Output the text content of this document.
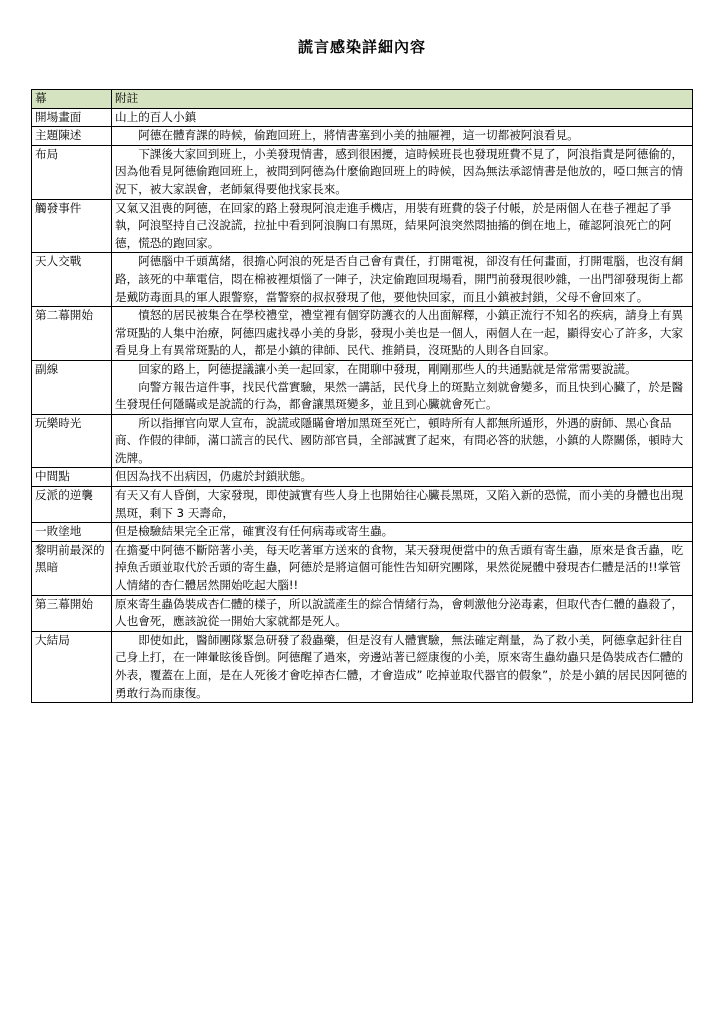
謊言感染詳細內容
幕	附註
開場畫面	山上的百人小鎮

主題陳述	阿德在體育課的時候，偷跑回班上，將情書塞到小美的抽屜裡，這一切都被阿浪看見。

布局	下課後大家回到班上，小美發現情書，感到很困擾，這時候班長也發現班費不見了，阿浪指責是阿德偷的，因為他看見阿德偷跑回班上，被問到阿德為什麼偷跑回班上的時候，因為無法承認情書是他放的，啞口無言的情況下，被大家誤會，老師氣得要他找家長來。

觸發事件	又氣又沮喪的阿德，在回家的路上發現阿浪走進手機店，用裝有班費的袋子付帳，於是兩個人在巷子裡起了爭執，阿浪堅持自己沒說謊，拉扯中看到阿浪胸口有黑斑，結果阿浪突然悶抽搐的倒在地上，確認阿浪死亡的阿德，慌恐的跑回家。

天人交戰	阿德腦中千頭萬緒，很擔心阿浪的死是否自己會有責任，打開電視，卻沒有任何畫面，打開電腦，也沒有網路，該死的中華電信，悶在棉被裡煩惱了一陣子，決定偷跑回現場看，開門前發現很吵雜，一出門卻發現街上都是戴防毒面具的軍人跟警察，當警察的叔叔發現了他，要他快回家，而且小鎮被封鎖，父母不會回來了。

第二幕開始	憤怒的居民被集合在學校禮堂，禮堂裡有個穿防護衣的人出面解釋，小鎮正流行不知名的疾病，請身上有異常斑點的人集中治療，阿德四處找尋小美的身影，發現小美也是一個人，兩個人在一起，顯得安心了許多，大家看見身上有異常斑點的人，都是小鎮的律師、民代、推銷員，沒斑點的人則各自回家。

副線	回家的路上，阿德提議讓小美一起回家，在閒聊中發現，剛剛那些人的共通點就是常常需要說謊。
向警方報告這件事，找民代當實驗，果然一講話，民代身上的斑點立刻就會變多，而且快到心臟了，於是醫生發現任何隱瞞或是說謊的行為，都會讓黑斑變多，並且到心臟就會死亡。

玩樂時光	所以指揮官向眾人宣布，說謊或隱瞞會增加黑斑至死亡，頓時所有人都無所遁形，外遇的廚師、黑心食品商、作假的律師，滿口謊言的民代、國防部官員，全部誠實了起來，有問必答的狀態，小鎮的人際關係，頓時大洗牌。

中間點	但因為找不出病因，仍處於封鎖狀態。

反派的逆襲	有天又有人昏倒，大家發現，即使誠實有些人身上也開始往心臟長黑斑，又陷入新的恐慌，而小美的身體也出現黑斑，剩下 3 天壽命，

一敗塗地	但是檢驗結果完全正常，確實沒有任何病毒或寄生蟲。

黎明前最深的黑暗	在擔憂中阿德不斷陪著小美，每天吃著軍方送來的食物，某天發現便當中的魚舌頭有寄生蟲，原來是食舌蟲，吃掉魚舌頭並取代於舌頭的寄生蟲，阿德於是將這個可能性告知研究團隊，果然從屍體中發現杏仁體是活的!!掌管人情緒的杏仁體居然開始吃起大腦!!

第三幕開始	原來寄生蟲偽裝成杏仁體的樣子，所以說謊產生的綜合情緒行為，會刺激他分泌毒素，但取代杏仁體的蟲殺了，人也會死，應該說從一開始大家就都是死人。

大結局	即使如此，醫師團隊緊急研發了殺蟲藥，但是沒有人體實驗，無法確定劑量，為了救小美，阿德拿起針往自己身上打，在一陣暈眩後昏倒。阿德醒了過來，旁邊站著已經康復的小美，原來寄生蟲幼蟲只是偽裝成杏仁體的外表，覆蓋在上面，是在人死後才會吃掉杏仁體，才會造成” 吃掉並取代器官的假象”，於是小鎮的居民因阿德的勇敢行為而康復。
